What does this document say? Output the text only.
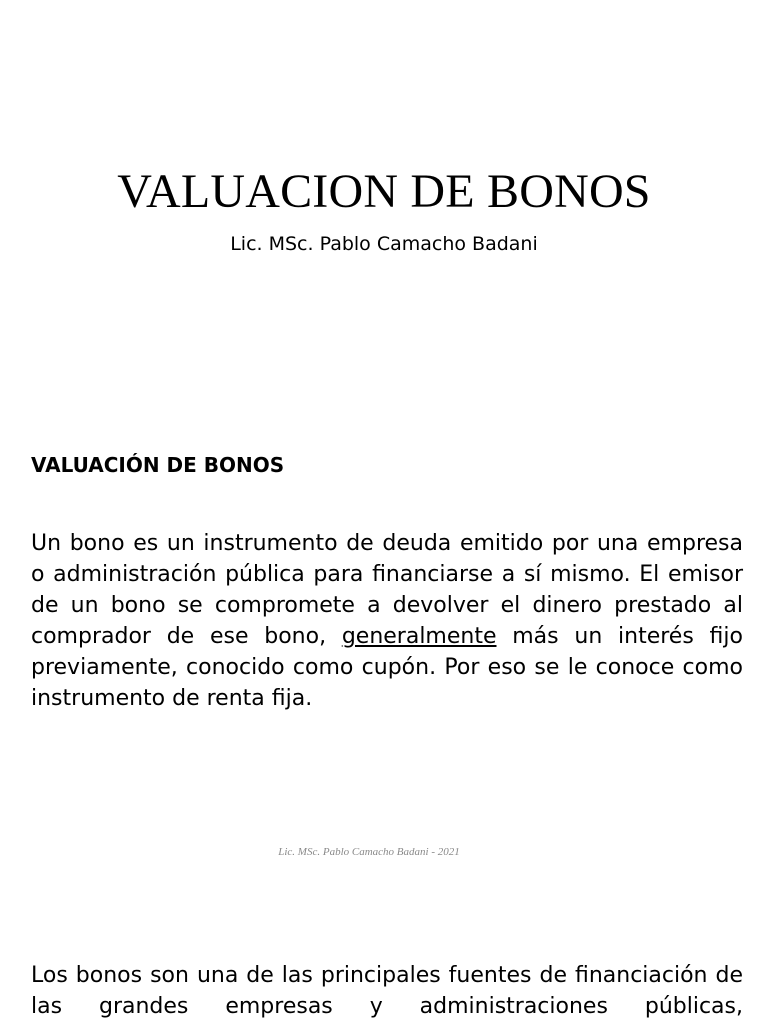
VALUACION DE BONOS
Lic. MSc. Pablo Camacho Badani
VALUACIÓN DE BONOS

Un bono es un instrumento de deuda emitido por una empresa o administración pública para financiarse a sí mismo. El emisor de un bono se compromete a devolver el dinero prestado al comprador de ese bono, generalmente más un interés fijo previamente, conocido como cupón. Por eso se le conoce como instrumento de renta fija.

Lic. MSc. Pablo Camacho Badani - 2021

Los bonos son una de las principales fuentes de financiación de las grandes empresas y administraciones públicas,
